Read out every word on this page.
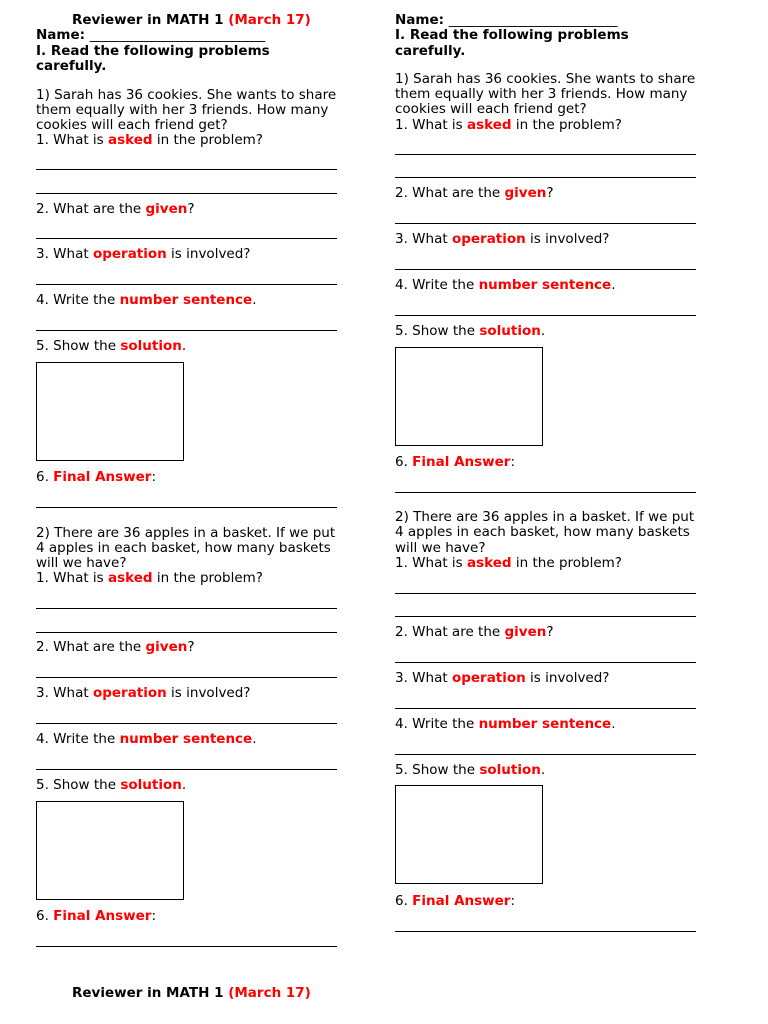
Reviewer in MATH 1 (March 17)
Name: __________________________
I. Read the following problems
carefully.
1) Sarah has 36 cookies. She wants to share
them equally with her 3 friends. How many
cookies will each friend get?
1. What is asked in the problem?
2. What are the given?
3. What operation is involved?
4. Write the number sentence.
5. Show the solution.
6. Final Answer:
2) There are 36 apples in a basket. If we put
4 apples in each basket, how many baskets
will we have?
1. What is asked in the problem?
2. What are the given?
3. What operation is involved?
4. Write the number sentence.
5. Show the solution.
6. Final Answer:
Reviewer in MATH 1 (March 17)
Name: _________________________
I. Read the following problems
carefully.
1) Sarah has 36 cookies. She wants to share
them equally with her 3 friends. How many
cookies will each friend get?
1. What is asked in the problem?
2. What are the given?
3. What operation is involved?
4. Write the number sentence.
5. Show the solution.
6. Final Answer:
2) There are 36 apples in a basket. If we put
4 apples in each basket, how many baskets
will we have?
1. What is asked in the problem?
2. What are the given?
3. What operation is involved?
4. Write the number sentence.
5. Show the solution.
6. Final Answer:
